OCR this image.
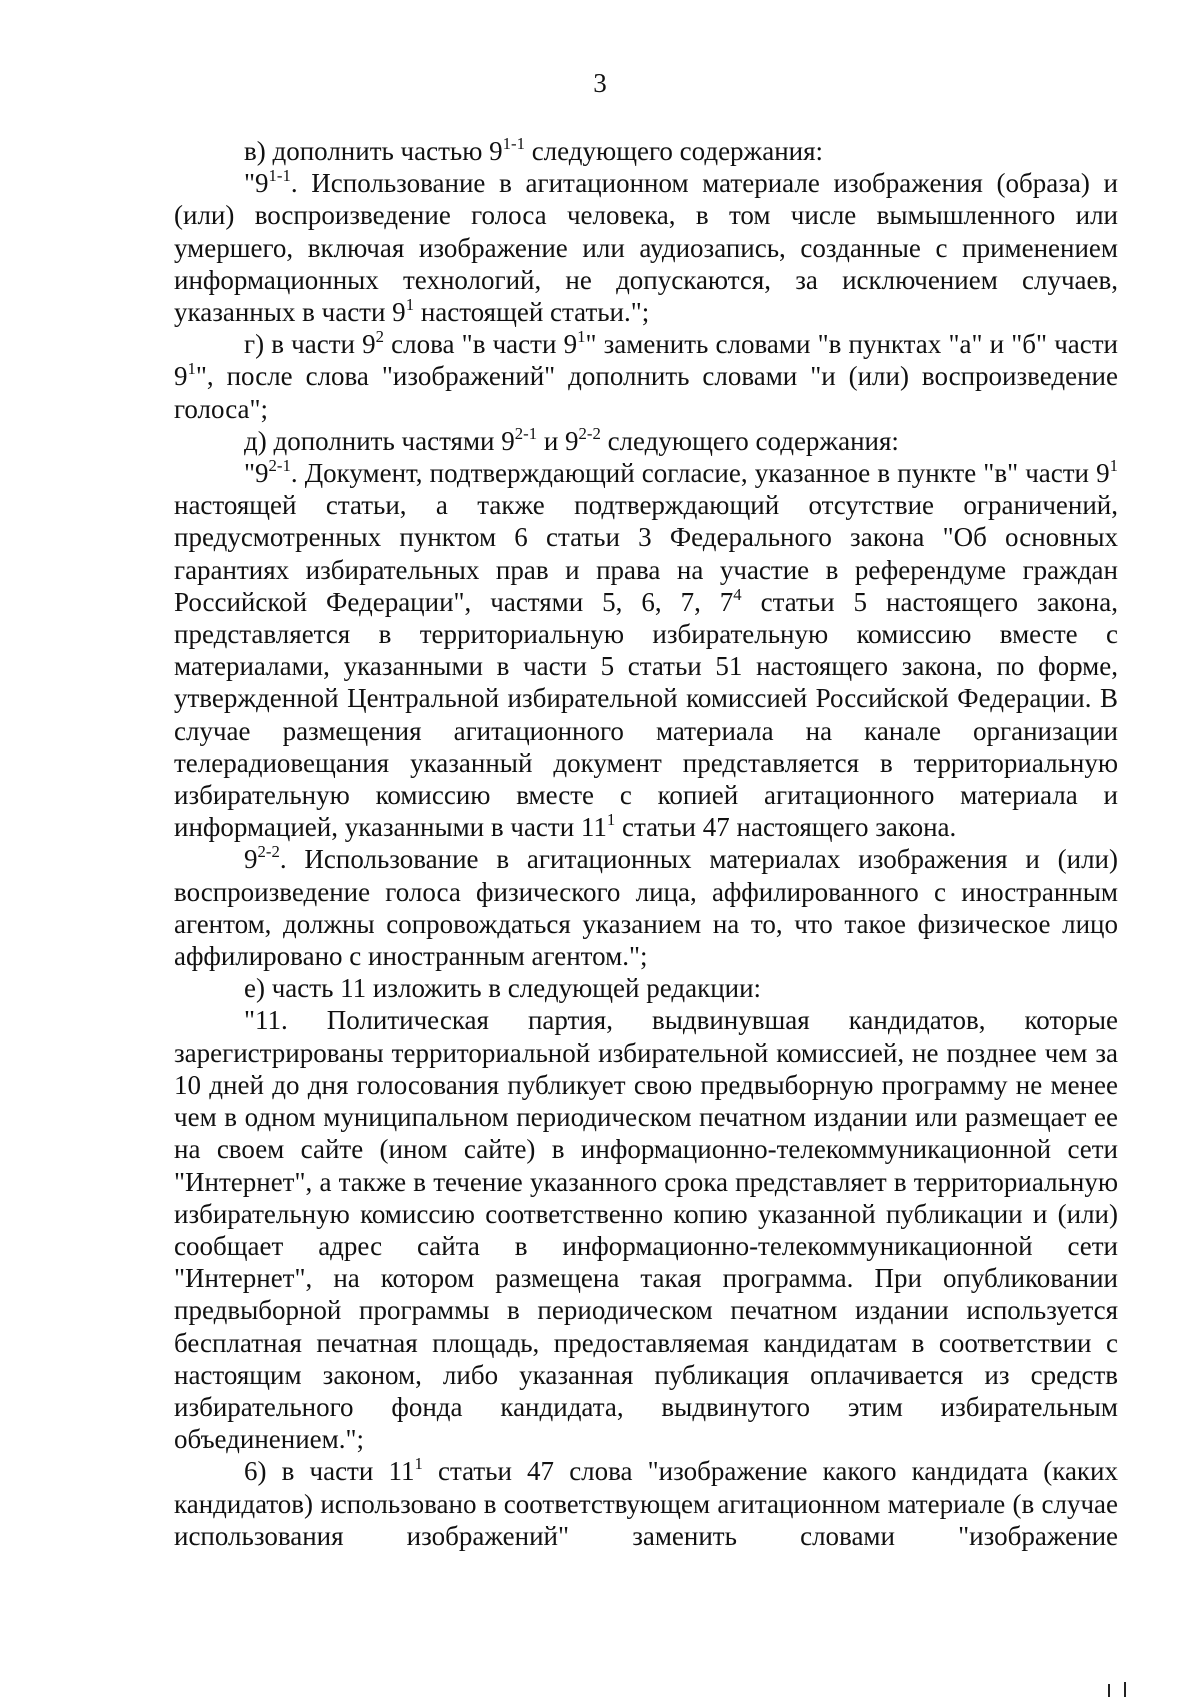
3

в) дополнить частью 9$^{1-1}$ следующего содержания:

"9$^{1-1}$. Использование в агитационном материале изображения (образа) и (или) воспроизведение голоса человека, в том числе вымышленного или умершего, включая изображение или аудиозапись, созданные с применением информационных технологий, не допускаются, за исключением случаев, указанных в части $9^1$ настоящей статьи.";

г) в части $9^2$ слова "в части $9^1$" заменить словами "в пунктах "а" и "б" части $9^1$", после слова "изображений" дополнить словами "и (или) воспроизведение голоса";

д) дополнить частями 9$^{2-1}$ и 9$^{2-2}$ следующего содержания:

"9$^{2-1}$. Документ, подтверждающий согласие, указанное в пункте "в" части $9^1$ настоящей статьи, а также подтверждающий отсутствие ограничений, предусмотренных пунктом 6 статьи 3 Федерального закона "Об основных гарантиях избирательных прав и права на участие в референдуме граждан Российской Федерации", частями 5, 6, 7, $7^4$ статьи 5 настоящего закона, представляется в территориальную избирательную комиссию вместе с материалами, указанными в части 5 статьи 51 настоящего закона, по форме, утвержденной Центральной избирательной комиссией Российской Федерации. В случае размещения агитационного материала на канале организации телерадиовещания указанный документ представляется в территориальную избирательную комиссию вместе с копией агитационного материала и информацией, указанными в части $11^1$ статьи 47 настоящего закона.

9$^{2-2}$. Использование в агитационных материалах изображения и (или) воспроизведение голоса физического лица, аффилированного с иностранным агентом, должны сопровождаться указанием на то, что такое физическое лицо аффилировано с иностранным агентом.";

е) часть 11 изложить в следующей редакции:

"11. Политическая партия, выдвинувшая кандидатов, которые зарегистрированы территориальной избирательной комиссией, не позднее чем за 10 дней до дня голосования публикует свою предвыборную программу не менее чем в одном муниципальном периодическом печатном издании или размещает ее на своем сайте (ином сайте) в информационно-телекоммуникационной сети "Интернет", а также в течение указанного срока представляет в территориальную избирательную комиссию соответственно копию указанной публикации и (или) сообщает адрес сайта в информационно-телекоммуникационной сети "Интернет", на котором размещена такая программа. При опубликовании предвыборной программы в периодическом печатном издании используется бесплатная печатная площадь, предоставляемая кандидатам в соответствии с настоящим законом, либо указанная публикация оплачивается из средств избирательного фонда кандидата, выдвинутого этим избирательным объединением.";

6) в части $11^1$ статьи 47 слова "изображение какого кандидата (каких кандидатов) использовано в соответствующем агитационном материале (в случае использования изображений" заменить словами "изображение
